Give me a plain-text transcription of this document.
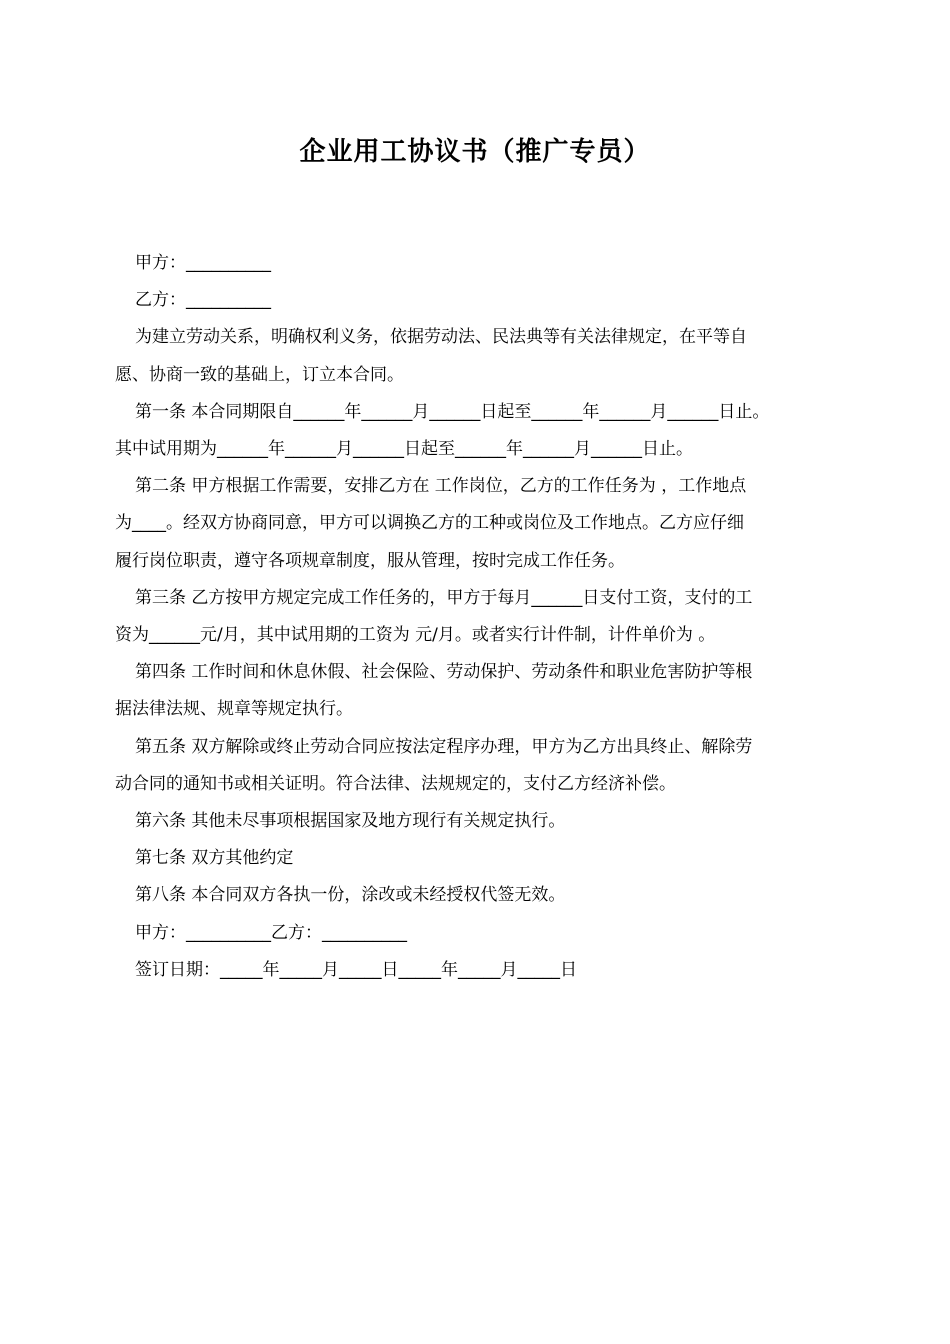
企业用工协议书（推广专员）

甲方：__________

乙方：__________

为建立劳动关系，明确权利义务，依据劳动法、民法典等有关法律规定，在平等自

愿、协商一致的基础上，订立本合同。

第一条 本合同期限自______年______月______日起至______年______月______日止。

其中试用期为______年______月______日起至______年______月______日止。

第二条 甲方根据工作需要，安排乙方在 工作岗位，乙方的工作任务为 ，工作地点

为____。经双方协商同意，甲方可以调换乙方的工种或岗位及工作地点。乙方应仔细

履行岗位职责，遵守各项规章制度，服从管理，按时完成工作任务。

第三条 乙方按甲方规定完成工作任务的，甲方于每月______日支付工资，支付的工

资为______元/月，其中试用期的工资为 元/月。或者实行计件制，计件单价为 。

第四条 工作时间和休息休假、社会保险、劳动保护、劳动条件和职业危害防护等根

据法律法规、规章等规定执行。

第五条 双方解除或终止劳动合同应按法定程序办理，甲方为乙方出具终止、解除劳

动合同的通知书或相关证明。符合法律、法规规定的，支付乙方经济补偿。

第六条 其他未尽事项根据国家及地方现行有关规定执行。

第七条 双方其他约定

第八条 本合同双方各执一份，涂改或未经授权代签无效。

甲方：__________乙方：__________

签订日期：_____年_____月_____日_____年_____月_____日
